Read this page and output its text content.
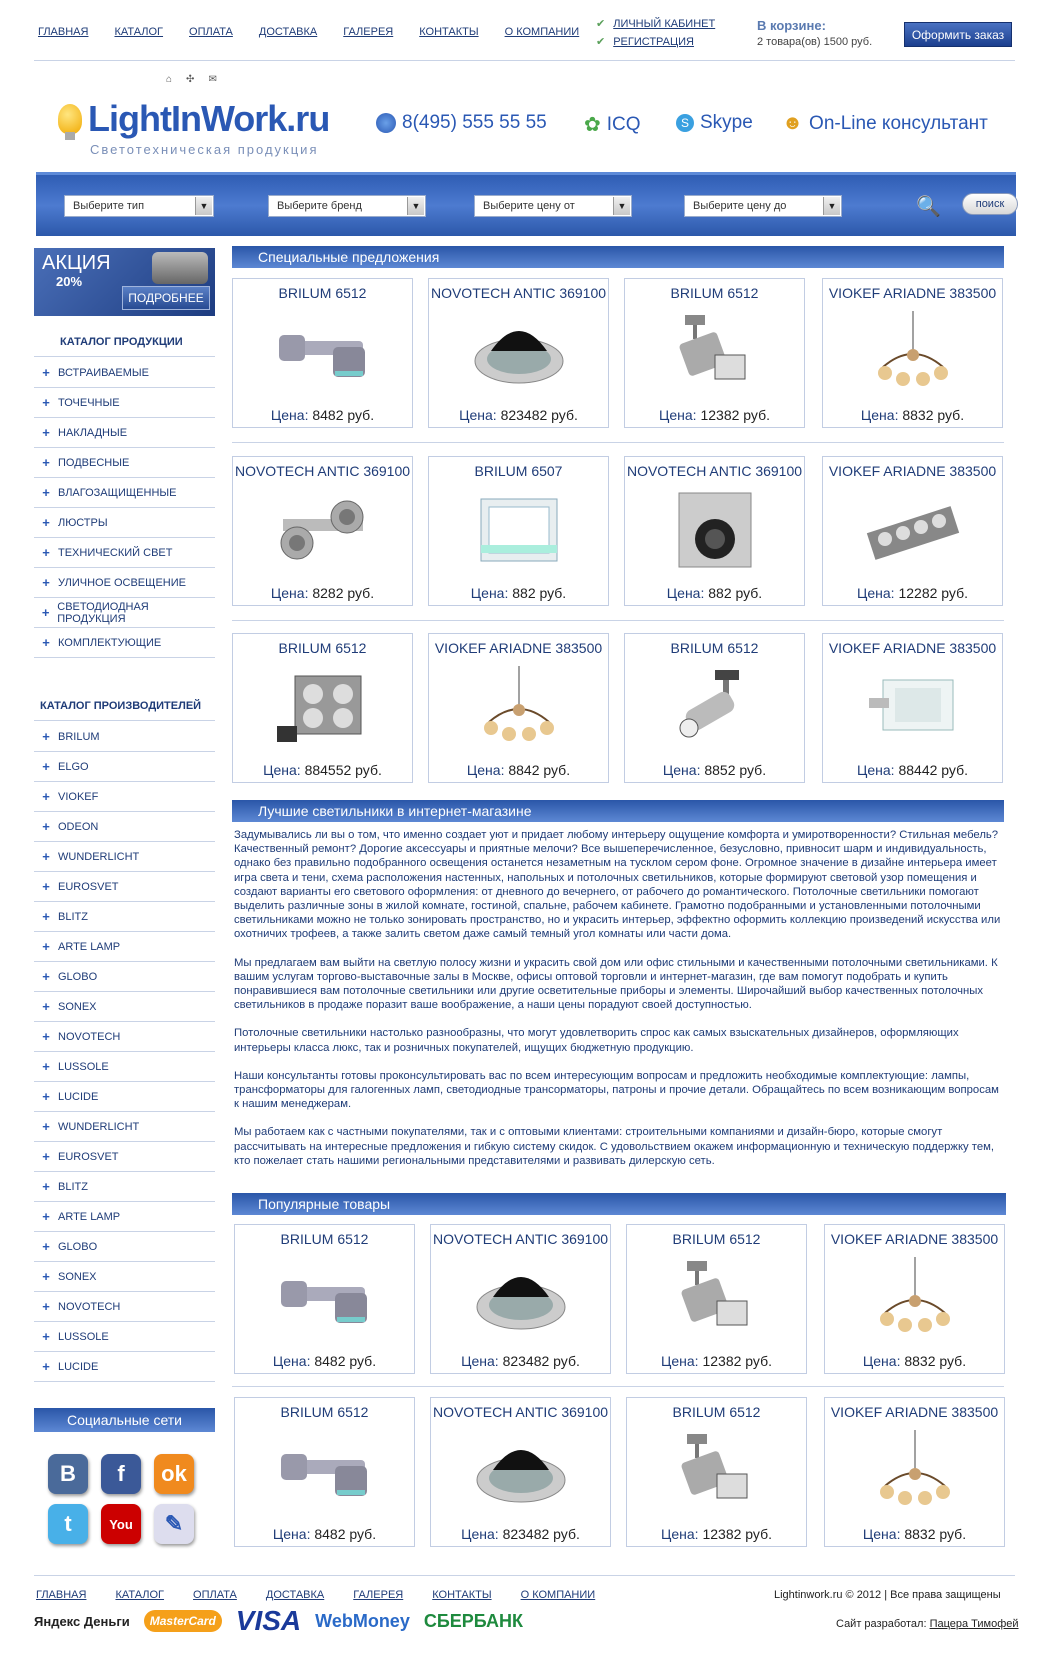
ГЛАВНАЯ КАТАЛОГ ОПЛАТА ДОСТАВКА ГАЛЕРЕЯ КОНТАКТЫ О КОМПАНИИ
✔ ЛИЧНЫЙ КАБИНЕТ
✔ РЕГИСТРАЦИЯ
В корзине:
2 товара(ов) 1500 руб.
Оформить заказ
⌂ ✣ ✉
LightInWork.ru
Светотехническая продукция
8(495) 555 55 55 ✿ ICQ	S Skype ☻ On-Line консультант
Выберите тип	▼	Выберите бренд	▼	Выберите цену от	▼	Выберите цену до	▼	🔍	поиск
АКЦИЯ
20%
ПОДРОБНЕЕ
КАТАЛОГ ПРОДУКЦИИ
+ ВСТРАИВАЕМЫЕ
+ ТОЧЕЧНЫЕ
+ НАКЛАДНЫЕ
+ ПОДВЕСНЫЕ
+ ВЛАГОЗАЩИЩЕННЫЕ
+ ЛЮСТРЫ
+ ТЕХНИЧЕСКИЙ СВЕТ
+ УЛИЧНОЕ ОСВЕЩЕНИЕ
+ СВЕТОДИОДНАЯ ПРОДУКЦИЯ
+ КОМПЛЕКТУЮЩИЕ
КАТАЛОГ ПРОИЗВОДИТЕЛЕЙ
+ BRILUM
+ ELGO
+ VIOKEF
+ ODEON
+ WUNDERLICHT
+ EUROSVET
+ BLITZ
+ ARTE LAMP
+ GLOBO
+ SONEX
+ NOVOTECH
+ LUSSOLE
+ LUCIDE
+ WUNDERLICHT
+ EUROSVET
+ BLITZ
+ ARTE LAMP
+ GLOBO
+ SONEX
+ NOVOTECH
+ LUSSOLE
+ LUCIDE
Социальные сети
B	f	ok
t	You	✎
Специальные предложения
BRILUM 6512
Цена: 8482 руб.
NOVOTECH ANTIC 369100
Цена: 823482 руб.
BRILUM 6512
Цена: 12382 руб.
VIOKEF ARIADNE 383500
Цена: 8832 руб.
NOVOTECH ANTIC 369100
Цена: 8282 руб.
BRILUM 6507
Цена: 882 руб.
NOVOTECH ANTIC 369100
Цена: 882 руб.
VIOKEF ARIADNE 383500
Цена: 12282 руб.
BRILUM 6512
Цена: 884552 руб.
VIOKEF ARIADNE 383500
Цена: 8842 руб.
BRILUM 6512
Цена: 8852 руб.
VIOKEF ARIADNE 383500
Цена: 88442 руб.
Лучшие светильники в интернет-магазине

Задумывались ли вы о том, что именно создает уют и придает любому интерьеру ощущение комфорта и умиротворенности? Стильная мебель? Качественный ремонт? Дорогие аксессуары и приятные мелочи? Все вышеперечисленное, безусловно, привносит шарм и индивидуальность, однако без правильно подобранного освещения останется незаметным на тусклом сером фоне. Огромное значение в дизайне интерьера имеет игра света и тени, схема расположения настенных, напольных и потолочных светильников, которые формируют световой узор помещения и создают варианты его светового оформления: от дневного до вечернего, от рабочего до романтического. Потолочные светильники помогают выделить различные зоны в жилой комнате, гостиной, спальне, рабочем кабинете. Грамотно подобранными и установленными потолочными светильниками можно не только зонировать пространство, но и украсить интерьер, эффектно оформить коллекцию произведений искусства или охотничих трофеев, а также залить светом даже самый темный угол комнаты или части дома.

Мы предлагаем вам выйти на светлую полосу жизни и украсить свой дом или офис стильными и качественными потолочными светильниками. К вашим услугам торгово-выставочные залы в Москве, офисы оптовой торговли и интернет-магазин, где вам помогут подобрать и купить понравившиеся вам потолочные светильники или другие осветительные приборы и элементы. Широчайший выбор качественных потолочных светильников в продаже поразит ваше воображение, а наши цены порадуют своей доступностью.

Потолочные светильники настолько разнообразны, что могут удовлетворить спрос как самых взыскательных дизайнеров, оформляющих интерьеры класса люкс, так и розничных покупателей, ищущих бюджетную продукцию.

Наши консультанты готовы проконсультировать вас по всем интересующим вопросам и предложить необходимые комплектующие: лампы, трансформаторы для галогенных ламп, светодиодные трансорматоры, патроны и прочие детали. Обращайтесь по всем возникающим вопросам к нашим менеджерам.

Мы работаем как с частными покупателями, так и с оптовыми клиентами: строительными компаниями и дизайн-бюро, которые смогут рассчитывать на интересные предложения и гибкую систему скидок. С удовольствием окажем информационную и техническую поддержку тем, кто пожелает стать нашими региональными представителями и развивать дилерскую сеть.

Популярные товары
BRILUM 6512
Цена: 8482 руб.
NOVOTECH ANTIC 369100
Цена: 823482 руб.
BRILUM 6512
Цена: 12382 руб.
VIOKEF ARIADNE 383500
Цена: 8832 руб.
BRILUM 6512
Цена: 8482 руб.
NOVOTECH ANTIC 369100
Цена: 823482 руб.
BRILUM 6512
Цена: 12382 руб.
VIOKEF ARIADNE 383500
Цена: 8832 руб.
ГЛАВНАЯ	КАТАЛОГ	ОПЛАТА	ДОСТАВКА	ГАЛЕРЕЯ	КОНТАКТЫ	О КОМПАНИИ	Lightinwork.ru © 2012 | Все права защищены
Сайт разработал: Пацера Тимофей
Яндекс Деньги	MasterCard VISA WebMoney СБЕРБАНК
